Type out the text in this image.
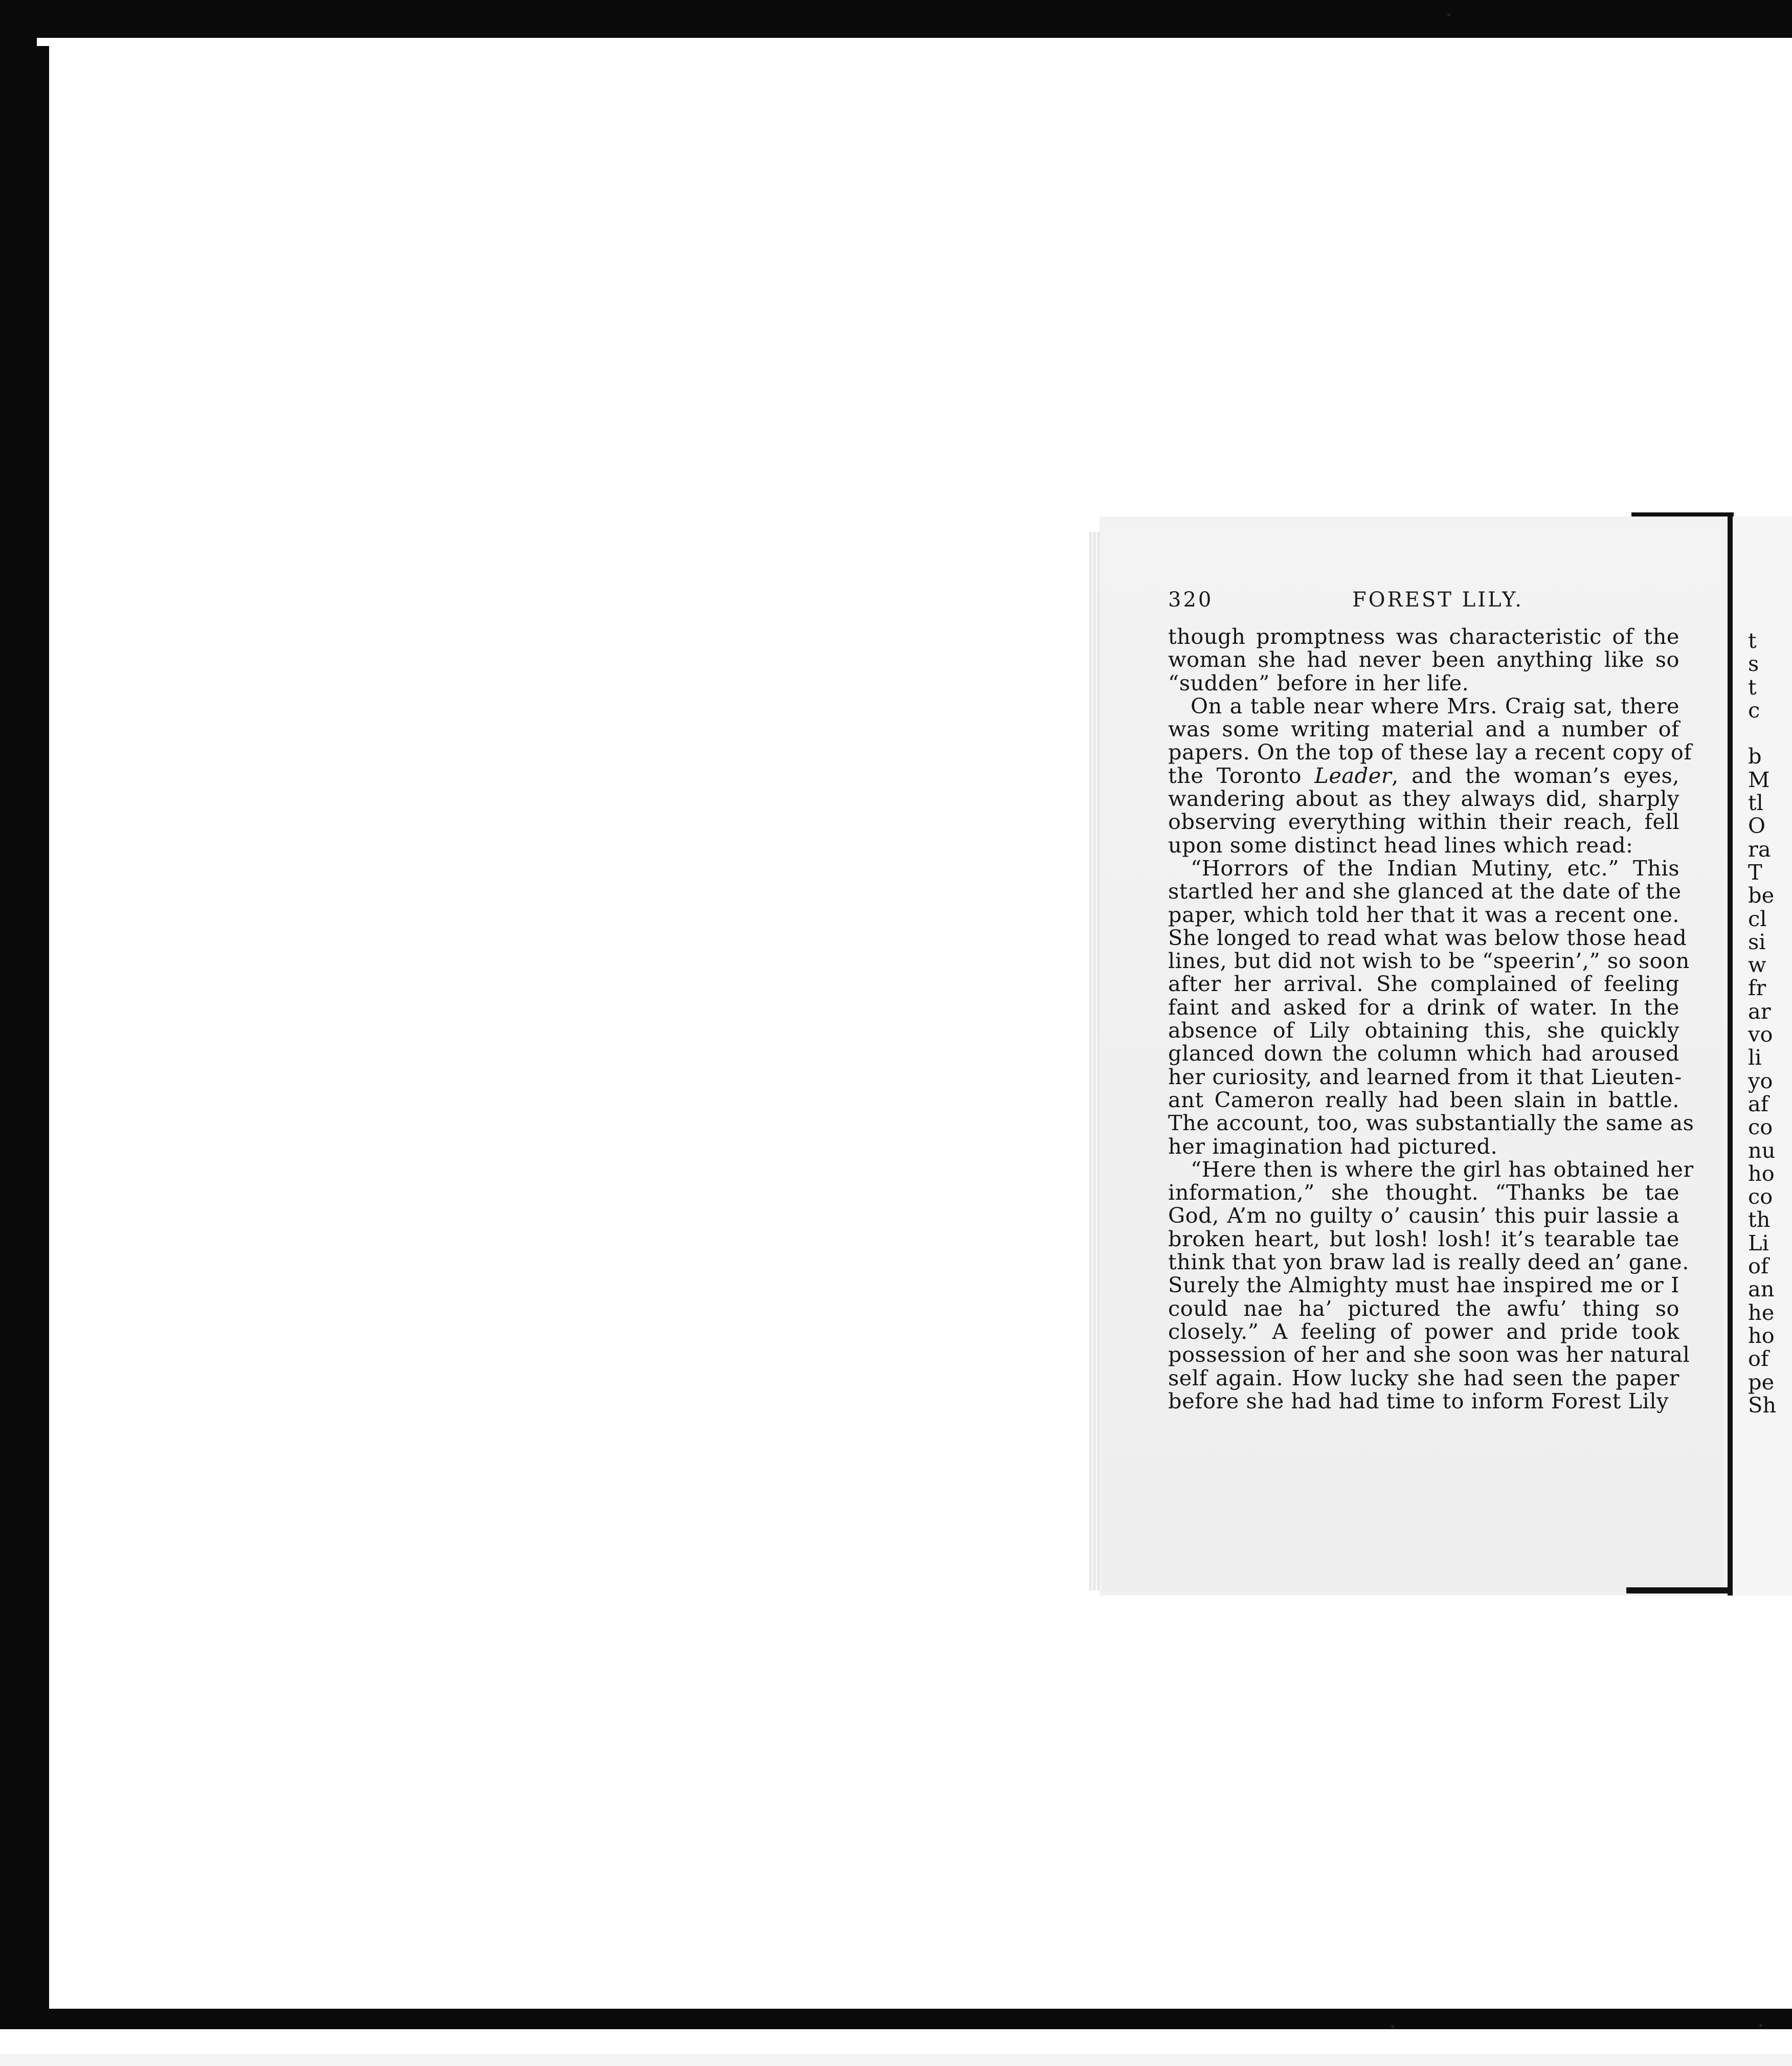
320	FOREST LILY.
though promptness was characteristic of the
woman she had never been anything like so
“sudden” before in her life.
On a table near where Mrs. Craig sat, there
was some writing material and a number of
papers. On the top of these lay a recent copy of
the Toronto Leader, and the woman’s eyes,
wandering about as they always did, sharply
observing everything within their reach, fell
upon some distinct head lines which read:
“Horrors of the Indian Mutiny, etc.” This
startled her and she glanced at the date of the
paper, which told her that it was a recent one.
She longed to read what was below those head
lines, but did not wish to be “speerin’,” so soon
after her arrival. She complained of feeling
faint and asked for a drink of water. In the
absence of Lily obtaining this, she quickly
glanced down the column which had aroused
her curiosity, and learned from it that Lieuten-
ant Cameron really had been slain in battle.
The account, too, was substantially the same as
her imagination had pictured.
“Here then is where the girl has obtained her
information,” she thought. “Thanks be tae
God, A’m no guilty o’ causin’ this puir lassie a
broken heart, but losh! losh! it’s tearable tae
think that yon braw lad is really deed an’ gane.
Surely the Almighty must hae inspired me or I
could nae ha’ pictured the awfu’ thing so
closely.” A feeling of power and pride took
possession of her and she soon was her natural
self again. How lucky she had seen the paper
before she had had time to inform Forest Lily
t
s
t
c
b
M
tl
O
ra
T
be
cl
si
w
fr
ar
vo
li
yo
af
co
nu
ho
co
th
Li
of
an
he
ho
of
pe
Sh
